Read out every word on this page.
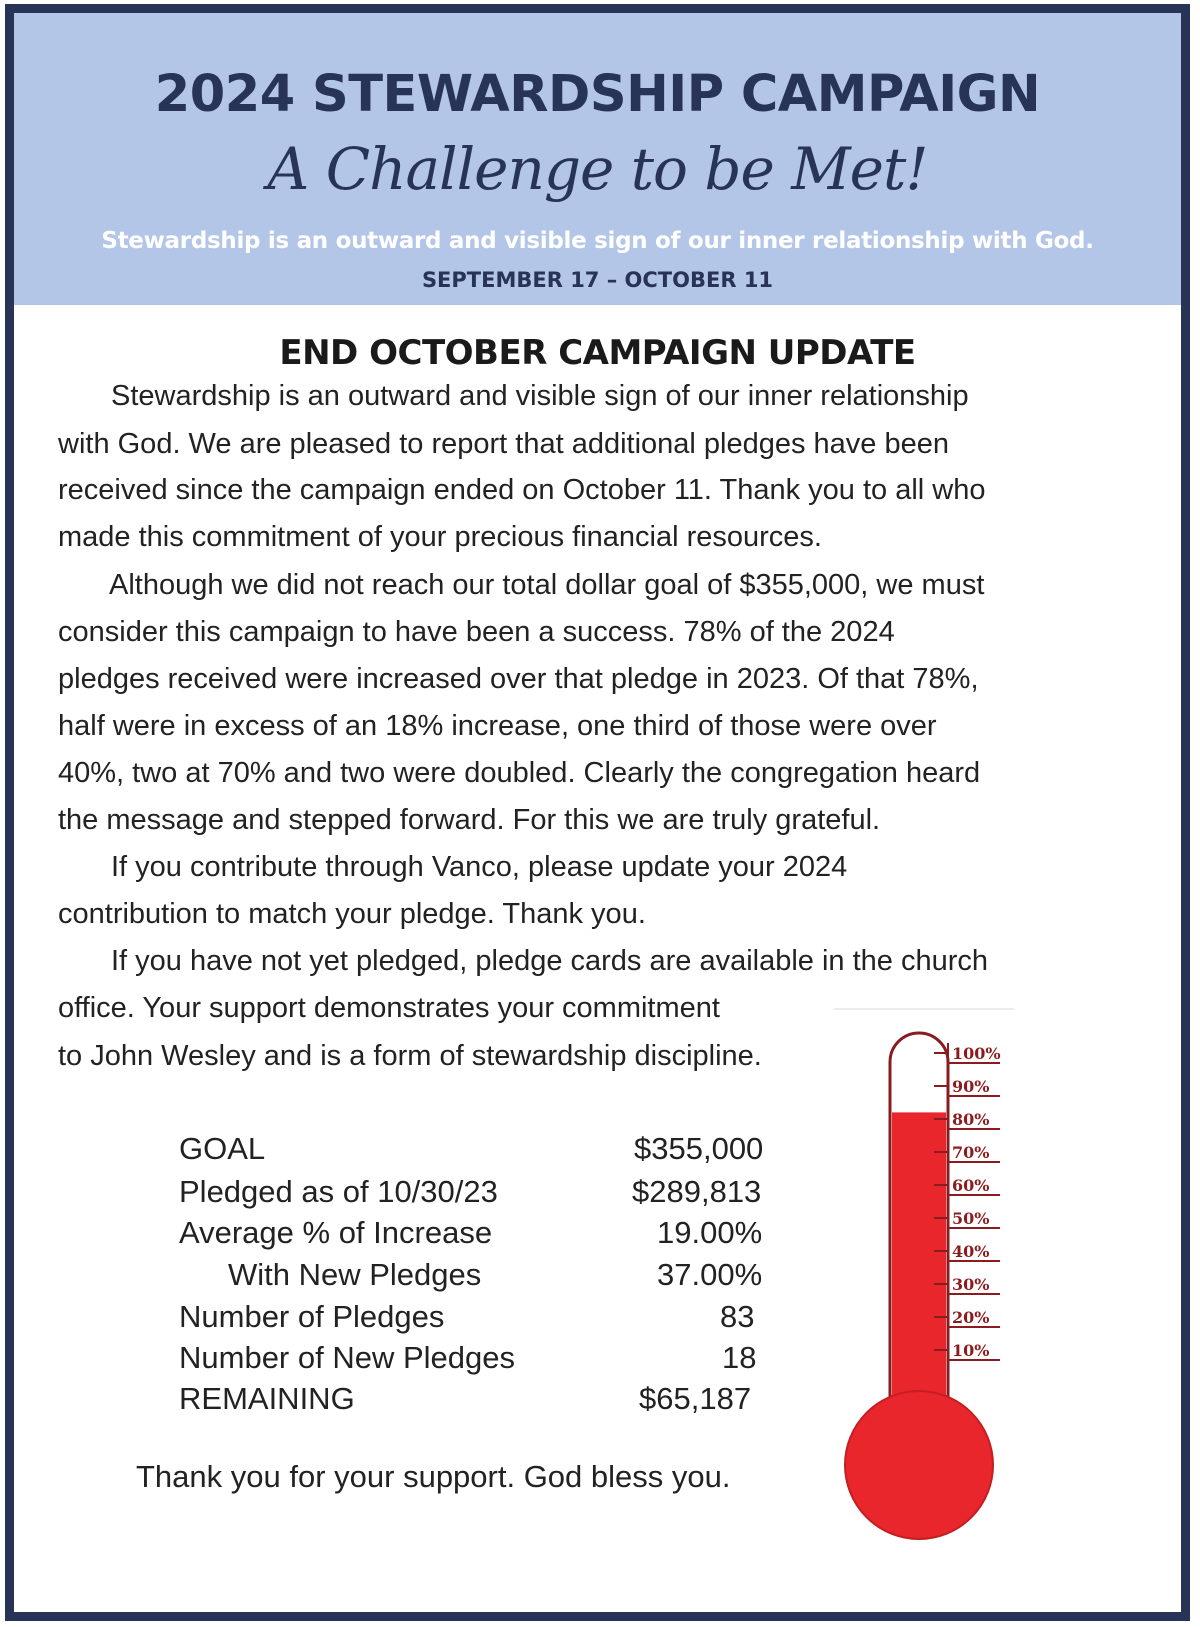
2024 STEWARDSHIP CAMPAIGN
A Challenge to be Met!
Stewardship is an outward and visible sign of our inner relationship with God.
SEPTEMBER 17 – OCTOBER 11
END OCTOBER CAMPAIGN UPDATE
Stewardship is an outward and visible sign of our inner relationship
with God. We are pleased to report that additional pledges have been
received since the campaign ended on October 11. Thank you to all who
made this commitment of your precious financial resources.
Although we did not reach our total dollar goal of $355,000, we must
consider this campaign to have been a success. 78% of the 2024
pledges received were increased over that pledge in 2023. Of that 78%,
half were in excess of an 18% increase, one third of those were over
40%, two at 70% and two were doubled. Clearly the congregation heard
the message and stepped forward. For this we are truly grateful.
If you contribute through Vanco, please update your 2024
contribution to match your pledge. Thank you.
If you have not yet pledged, pledge cards are available in the church
office. Your support demonstrates your commitment
to John Wesley and is a form of stewardship discipline.
GOAL	$355,000
Pledged as of 10/30/23	$289,813
Average % of Increase	19.00%
With New Pledges	37.00%
Number of Pledges	83
Number of New Pledges	18
REMAINING	$65,187
Thank you for your support. God bless you.
100%
90%
80%
70%
60%
50%
40%
30%
20%
10%
